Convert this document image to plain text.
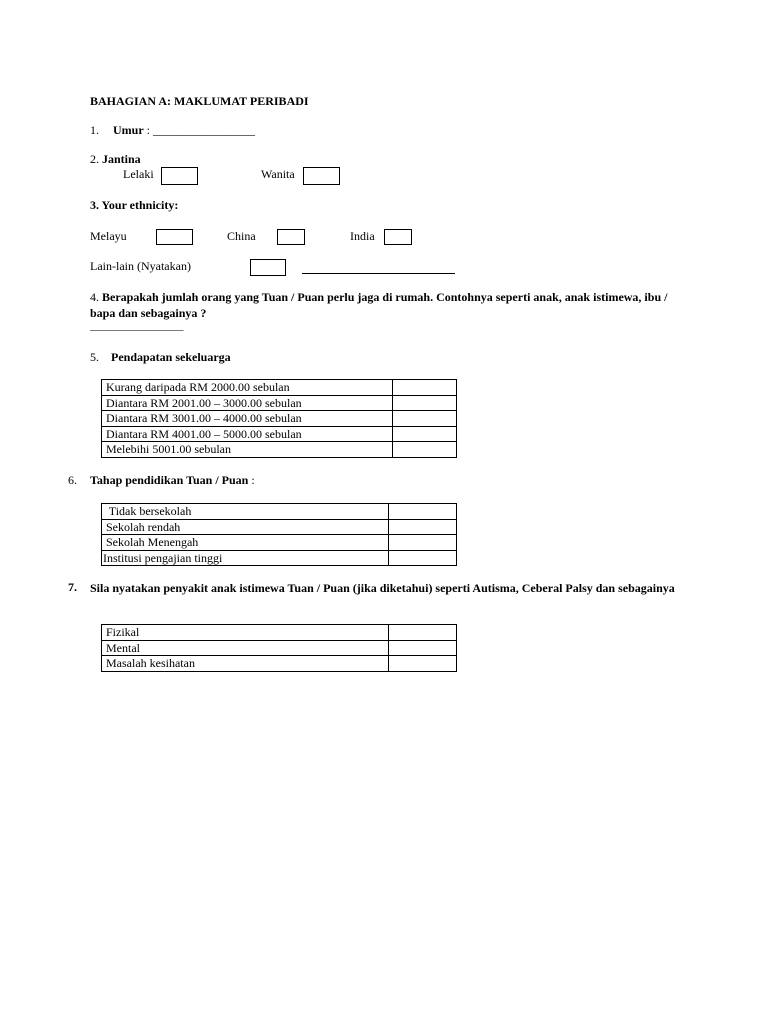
BAHAGIAN A: MAKLUMAT PERIBADI
1. Umur : _________________
2. Jantina
Lelaki	Wanita
3. Your ethnicity:
Melayu	China	India
Lain-lain (Nyatakan)
4. Berapakah jumlah orang yang Tuan / Puan perlu jaga di rumah. Contohnya seperti anak, anak istimewa, ibu / bapa dan sebagainya ?
_________________
5. Pendapatan sekeluarga
Kurang daripada RM 2000.00 sebulan	
Diantara RM 2001.00 – 3000.00 sebulan	
Diantara RM 3001.00 – 4000.00 sebulan	
Diantara RM 4001.00 – 5000.00 sebulan	
Melebihi 5001.00 sebulan	
6. Tahap pendidikan Tuan / Puan :
Tidak bersekolah	
Sekolah rendah	
Sekolah Menengah	
Institusi pengajian tinggi	
7. Sila nyatakan penyakit anak istimewa Tuan / Puan (jika diketahui) seperti Autisma, Ceberal Palsy dan sebagainya
Fizikal	
Mental	
Masalah kesihatan	
